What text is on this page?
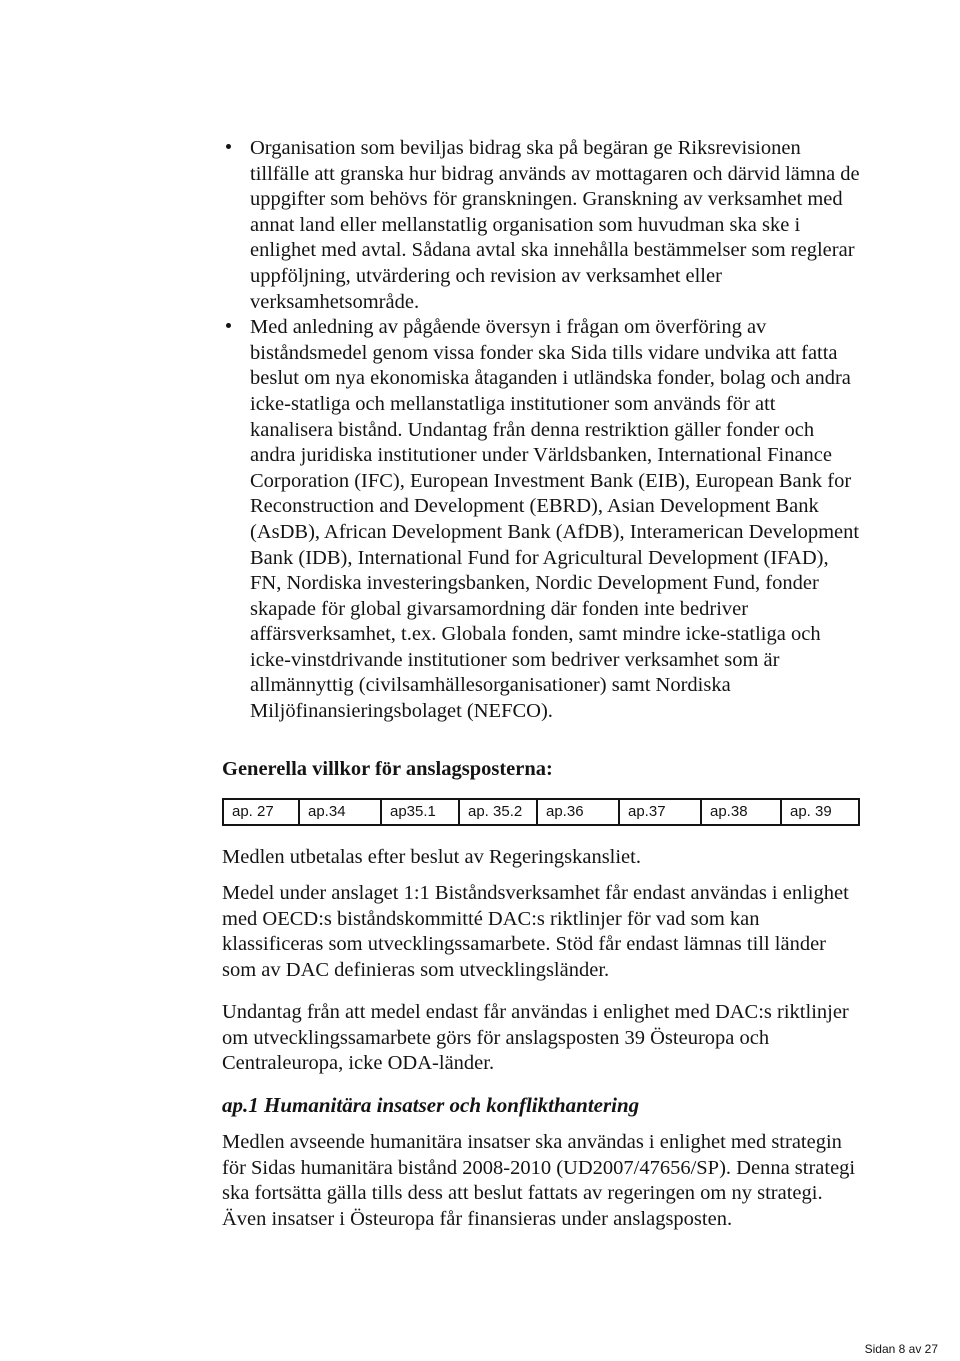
Organisation som beviljas bidrag ska på begäran ge Riksrevisionen tillfälle att granska hur bidrag används av mottagaren och därvid lämna de uppgifter som behövs för granskningen. Granskning av verksamhet med annat land eller mellanstatlig organisation som huvudman ska ske i enlighet med avtal. Sådana avtal ska innehålla bestämmelser som reglerar uppföljning, utvärdering och revision av verksamhet eller verksamhetsområde.
Med anledning av pågående översyn i frågan om överföring av biståndsmedel genom vissa fonder ska Sida tills vidare undvika att fatta beslut om nya ekonomiska åtaganden i utländska fonder, bolag och andra icke-statliga och mellanstatliga institutioner som används för att kanalisera bistånd. Undantag från denna restriktion gäller fonder och andra juridiska institutioner under Världsbanken, International Finance Corporation (IFC), European Investment Bank (EIB), European Bank for Reconstruction and Development (EBRD), Asian Development Bank (AsDB), African Development Bank (AfDB), Interamerican Development Bank (IDB), International Fund for Agricultural Development (IFAD), FN, Nordiska investeringsbanken, Nordic Development Fund, fonder skapade för global givarsamordning där fonden inte bedriver affärsverksamhet, t.ex. Globala fonden, samt mindre icke-statliga och icke-vinstdrivande institutioner som bedriver verksamhet som är allmännyttig (civilsamhällesorganisationer) samt Nordiska Miljöfinansieringsbolaget (NEFCO).
Generella villkor för anslagsposterna:
ap. 27	ap.34	ap35.1	ap. 35.2	ap.36	ap.37	ap.38	ap. 39
Medlen utbetalas efter beslut av Regeringskansliet.
Medel under anslaget 1:1 Biståndsverksamhet får endast användas i enlighet med OECD:s biståndskommitté DAC:s riktlinjer för vad som kan klassificeras som utvecklingssamarbete. Stöd får endast lämnas till länder som av DAC definieras som utvecklingsländer.
Undantag från att medel endast får användas i enlighet med DAC:s riktlinjer om utvecklingssamarbete görs för anslagsposten 39 Östeuropa och Centraleuropa, icke ODA-länder.
ap.1 Humanitära insatser och konflikthantering
Medlen avseende humanitära insatser ska användas i enlighet med strategin för Sidas humanitära bistånd 2008-2010 (UD2007/47656/SP). Denna strategi ska fortsätta gälla tills dess att beslut fattats av regeringen om ny strategi. Även insatser i Östeuropa får finansieras under anslagsposten.
Sidan 8 av 27
